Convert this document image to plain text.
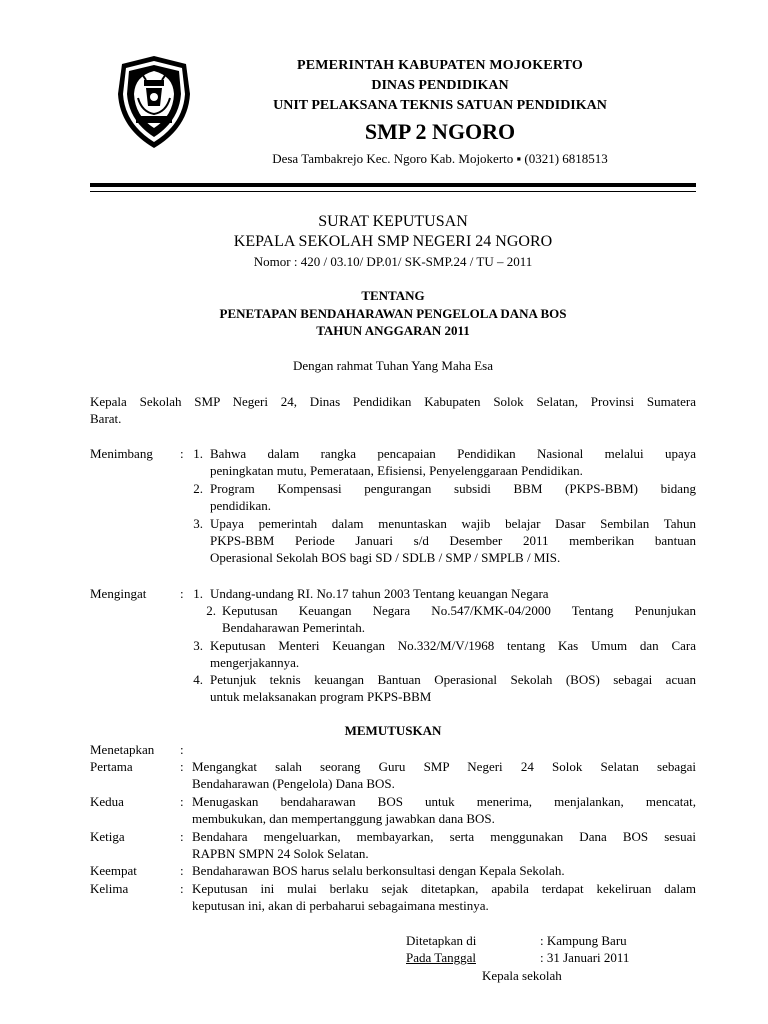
PEMERINTAH KABUPATEN MOJOKERTO
DINAS PENDIDIKAN
UNIT PELAKSANA TEKNIS SATUAN PENDIDIKAN
SMP 2 NGORO
Desa Tambakrejo Kec. Ngoro Kab. Mojokerto ▪ (0321) 6818513
SURAT KEPUTUSAN
KEPALA SEKOLAH SMP NEGERI 24 NGORO
Nomor : 420 / 03.10/ DP.01/ SK-SMP.24 / TU – 2011
TENTANG
PENETAPAN BENDAHARAWAN PENGELOLA DANA BOS
TAHUN ANGGARAN 2011
Dengan rahmat Tuhan Yang Maha Esa
Kepala Sekolah SMP Negeri 24, Dinas Pendidikan Kabupaten Solok Selatan, Provinsi Sumatera
Barat.
Menimbang : 1. Bahwa dalam rangka pencapaian Pendidikan Nasional melalui upaya
peningkatan mutu, Pemerataan, Efisiensi, Penyelenggaraan Pendidikan.
2. Program Kompensasi pengurangan subsidi BBM (PKPS-BBM) bidang
pendidikan.
3. Upaya pemerintah dalam menuntaskan wajib belajar Dasar Sembilan Tahun
PKPS-BBM Periode Januari s/d Desember 2011 memberikan bantuan
Operasional Sekolah BOS bagi SD / SDLB / SMP / SMPLB / MIS.
Mengingat	: 1. Undang-undang RI. No.17 tahun 2003 Tentang keuangan Negara
2. Keputusan Keuangan Negara No.547/KMK-04/2000 Tentang Penunjukan
Bendaharawan Pemerintah.
3. Keputusan Menteri Keuangan No.332/M/V/1968 tentang Kas Umum dan Cara
mengerjakannya.
4. Petunjuk teknis keuangan Bantuan Operasional Sekolah (BOS) sebagai acuan
untuk melaksanakan program PKPS-BBM
MEMUTUSKAN
Menetapkan :
Pertama	: Mengangkat salah seorang Guru SMP Negeri 24 Solok Selatan sebagai
Bendaharawan (Pengelola) Dana BOS.
Kedua	: Menugaskan bendaharawan BOS untuk menerima, menjalankan, mencatat,
membukukan, dan mempertanggung jawabkan dana BOS.
Ketiga	: Bendahara mengeluarkan, membayarkan, serta menggunakan Dana BOS sesuai
RAPBN SMPN 24 Solok Selatan.
Keempat	: Bendaharawan BOS harus selalu berkonsultasi dengan Kepala Sekolah.
Kelima	: Keputusan ini mulai berlaku sejak ditetapkan, apabila terdapat kekeliruan dalam
keputusan ini, akan di perbaharui sebagaimana mestinya.
Ditetapkan di	: Kampung Baru
Pada Tanggal	: 31 Januari 2011
Kepala sekolah
